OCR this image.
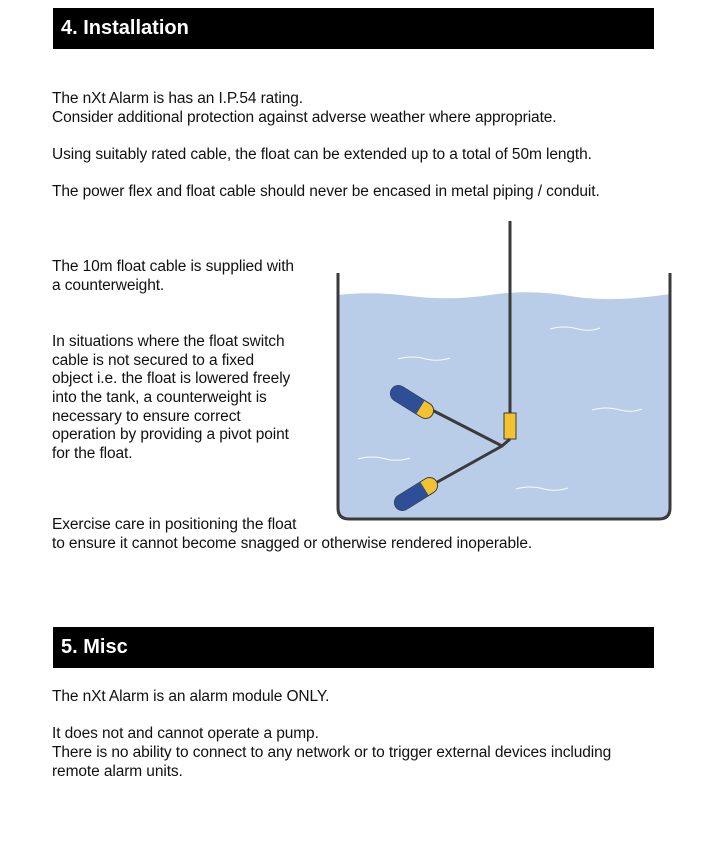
4. Installation
The nXt Alarm is has an I.P.54 rating.
Consider additional protection against adverse weather where appropriate.
Using suitably rated cable, the float can be extended up to a total of 50m length.
The power flex and float cable should never be encased in metal piping / conduit.
The 10m float cable is supplied with
a counterweight.
In situations where the float switch
cable is not secured to a fixed
object i.e. the float is lowered freely
into the tank, a counterweight is
necessary to ensure correct
operation by providing a pivot point
for the float.
Exercise care in positioning the float
to ensure it cannot become snagged or otherwise rendered inoperable.
5. Misc
The nXt Alarm is an alarm module ONLY.
It does not and cannot operate a pump.
There is no ability to connect to any network or to trigger external devices including
remote alarm units.
